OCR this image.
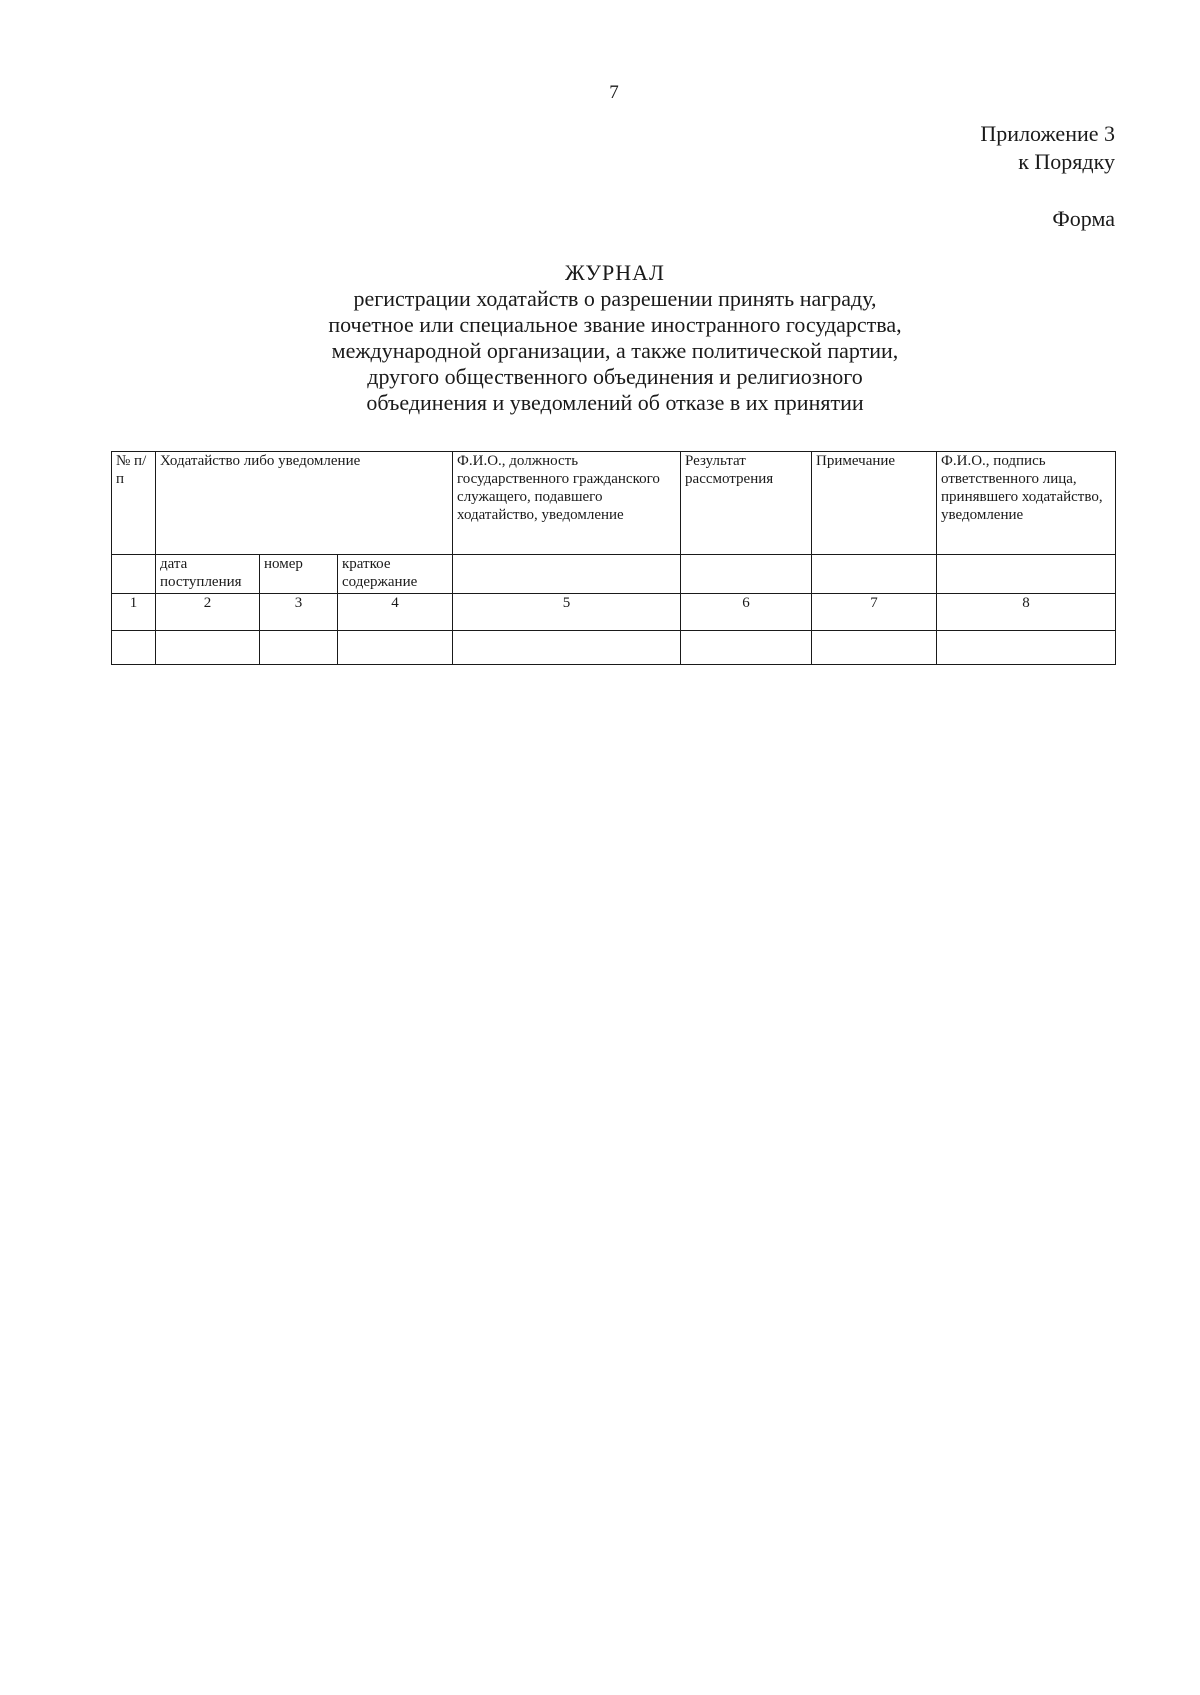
7
Приложение 3
к Порядку
Форма
ЖУРНАЛ
регистрации ходатайств о разрешении принять награду,
почетное или специальное звание иностранного государства,
международной организации, а также политической партии,
другого общественного объединения и религиозного
объединения и уведомлений об отказе в их принятии
№ п/ п	Ходатайство либо уведомление			Ф.И.О., должность государственного гражданского служащего, подавшего ходатайство, уведомление	Результат рассмотрения	Примечание	Ф.И.О., подпись ответственного лица, принявшего ходатайство, уведомление
	дата поступления	номер	краткое содержание				
1	2	3	4	5	6	7	8
